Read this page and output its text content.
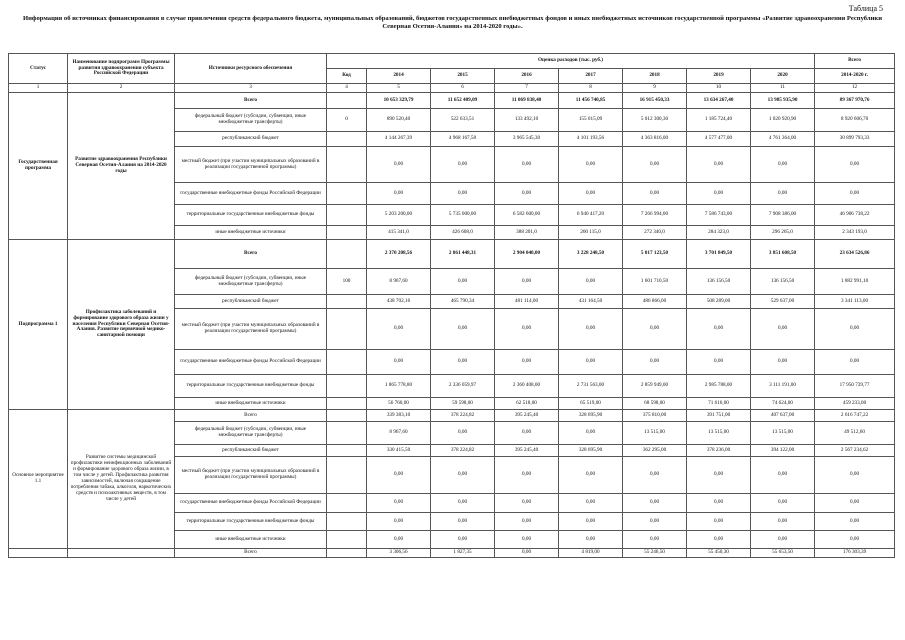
Таблица 5
Информация об источниках финансирования в случае привлечения средств федерального бюджета, муниципальных образований, бюджетов государственных внебюджетных фондов и иных внебюджетных источников государственной программы «Развитие здравоохранения Республики Северная Осетия-Алания» на 2014-2020 годы».
Статус	Наименование подпрограмм Программы развития здравоохранения субъекта Российской Федерации	Источники ресурсного обеспечения	Оценка расходов (тыс. руб.)								Всего
			Код	2014	2015	2016	2017	2018	2019	2020	2014-2020 г.
1	2	3	4	5	6	7	8	9	10	11	12
Государственная программа	Развитие здравоохранения Республики Северная Осетия-Алания на 2014-2020 годы	Всего		10 653 329,79	11 652 409,09	11 069 838,40	11 456 740,85	16 915 450,33	13 634 267,40	13 985 935,90	89 367 970,76
		федеральный бюджет (субсидии, субвенции, иные межбюджетные трансферты)	0	890 520,40	522 633,51	133 492,10	155 015,09	5 012 300,30	1 185 724,40	1 020 920,90	8 920 606,70
		республиканский бюджет		4 144 267,39	4 968 167,58	3 965 545,30	4 101 193,56	4 363 816,00	4 577 477,00	4 761 364,00	30 899 793,33
		местный бюджет (при участии муниципальных образований в реализации государственной программы)		0,00	0,00	0,00	0,00	0,00	0,00	0,00	0,00
		государственные внебюджетные фонды Российской Федерации		0,00	0,00	0,00	0,00	0,00	0,00	0,00	0,00
		территориальные государственные внебюджетные фонды		5 203 200,00	5 735 000,00	6 582 600,00	6 940 417,20	7 266 994,00	7 586 743,00	7 908 386,00	46 906 738,22
		иные внебюджетные источники		415 341,0	426 608,0	388 201,0	260 115,0	272 340,0	284 323,0	296 265,0	2 343 193,0
Подпрограмма 1	Профилактика заболеваний и формирование здорового образа жизни у населения Республики Северная Осетия-Алания. Развитие первичной медико-санитарной помощи	Всего		2 370 208,56	2 861 448,31	2 904 040,00	3 228 248,50	5 017 123,50	3 701 849,50	3 851 608,50	23 634 526,86
		федеральный бюджет (субсидии, субвенции, иные межбюджетные трансферты)	100	8 967,60	0,00	0,00	0,00	1 601 710,50	136 156,50	136 156,50	1 882 991,10
		республиканский бюджет		438 702,16	465 790,34	481 114,00	431 164,50	486 866,00	508 289,00	529 637,00	3 341 113,00
		местный бюджет (при участии муниципальных образований в реализации государственной программы)		0,00	0,00	0,00	0,00	0,00	0,00	0,00	0,00
		государственные внебюджетные фонды Российской Федерации		0,00	0,00	0,00	0,00	0,00	0,00	0,00	0,00
		территориальные государственные внебюджетные фонды		1 865 778,80	2 336 059,97	2 360 408,00	2 731 563,00	2 859 949,00	2 985 788,00	3 111 191,00	17 950 739,77
		иные внебюджетные источники		56 760,00	59 598,00	62 518,00	65 519,00	68 598,00	71 616,00	74 624,00	459 233,00
Основное мероприятие 1.1	Развитие системы медицинской профилактики неинфекционных заболеваний и формирование здорового образа жизни, в том числе у детей. Профилактика развития зависимостей, включая сокращение потребления табака, алкоголя, наркотических средств и психоактивных веществ, в том числе у детей	Всего		339 383,10	378 224,82	395 245,40	328 695,90	375 810,00	391 751,00	407 637,00	2 616 747,22
		федеральный бюджет (субсидии, субвенции, иные межбюджетные трансферты)		8 967,60	0,00	0,00	0,00	13 515,00	13 515,00	13 515,00	49 512,60
		республиканский бюджет		330 415,50	378 224,82	395 245,40	328 695,90	362 295,00	378 236,00	394 122,00	2 567 234,62
		местный бюджет (при участии муниципальных образований в реализации государственной программы)		0,00	0,00	0,00	0,00	0,00	0,00	0,00	0,00
		государственные внебюджетные фонды Российской Федерации		0,00	0,00	0,00	0,00	0,00	0,00	0,00	0,00
		территориальные государственные внебюджетные фонды		0,00	0,00	0,00	0,00	0,00	0,00	0,00	0,00
		иные внебюджетные источники		0,00	0,00	0,00	0,00	0,00	0,00	0,00	0,00
		Всего		3 306,56	1 827,35	0,00	4 819,00	55 246,50	55 450,30	55 653,50	176 303,39
